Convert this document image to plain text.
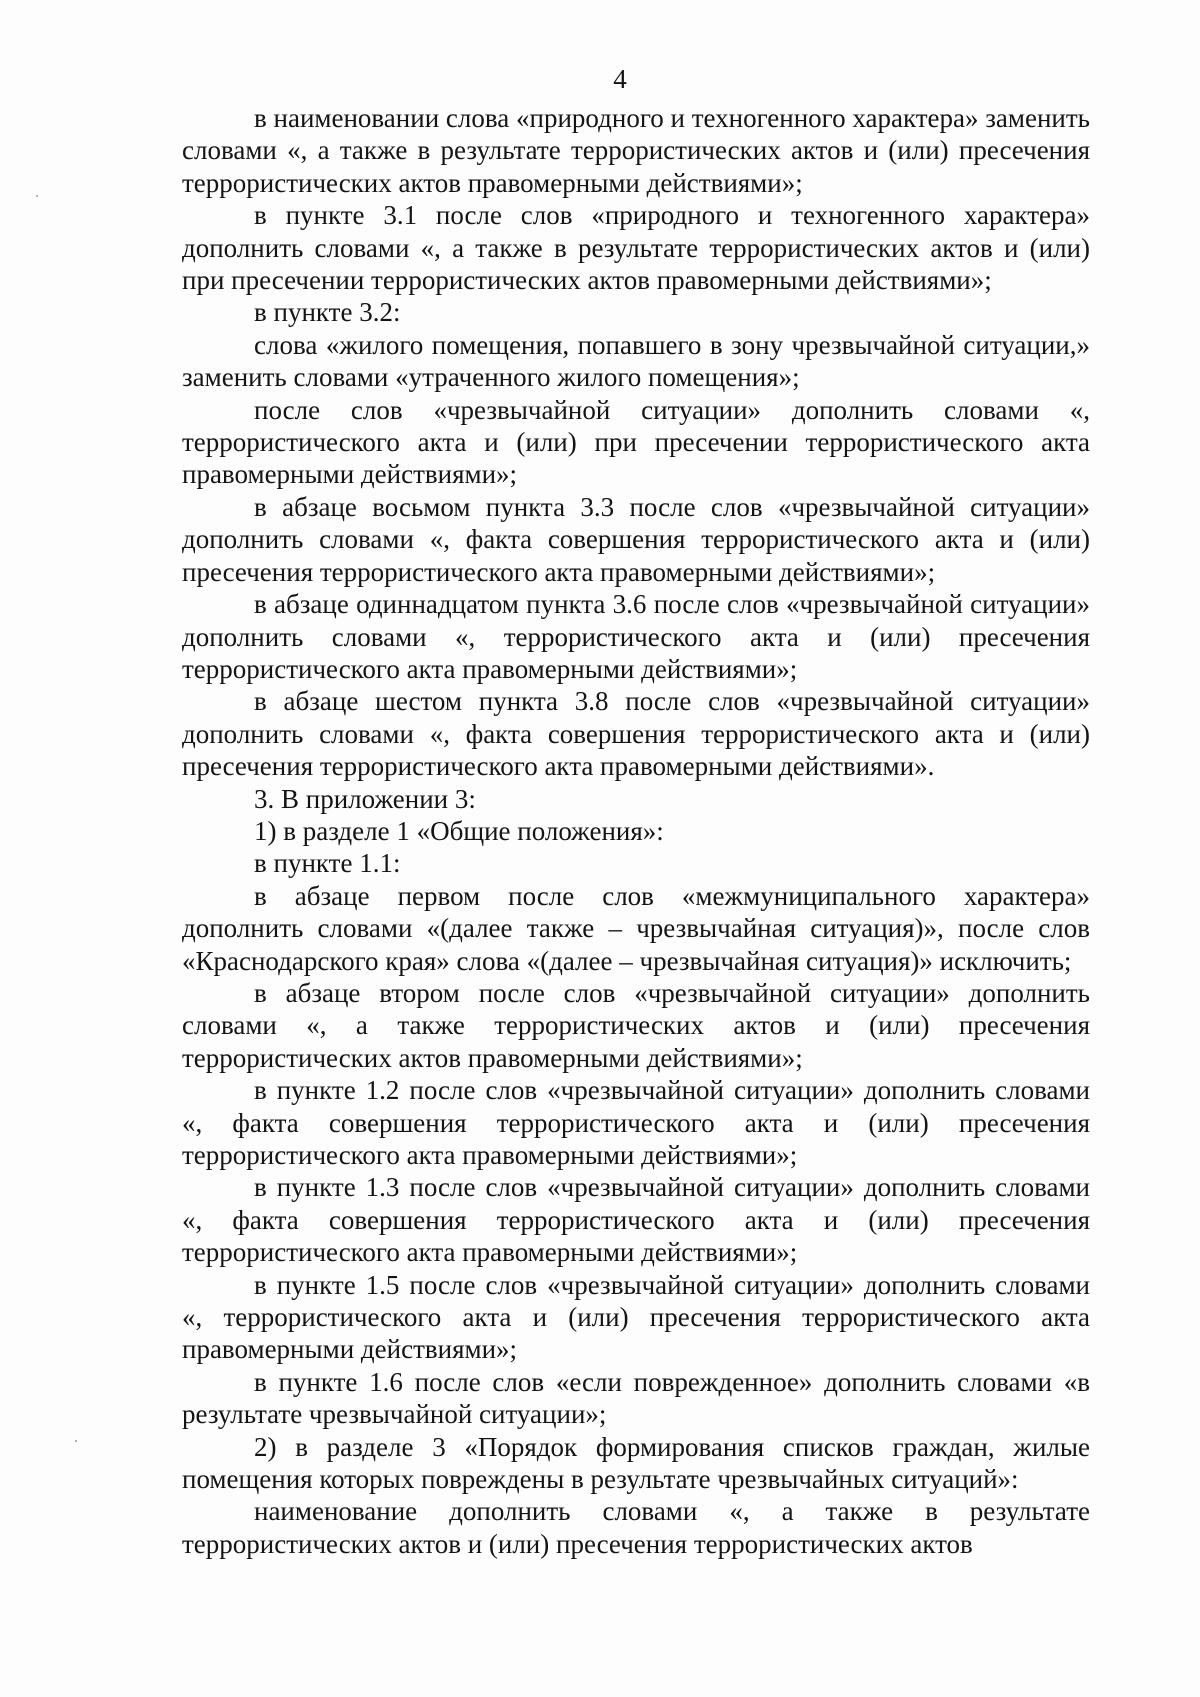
4

в наименовании слова «природного и техногенного характера» заменить словами «, а также в результате террористических актов и (или) пресечения террористических актов правомерными действиями»;

в пункте 3.1 после слов «природного и техногенного характера» дополнить словами «, а также в результате террористических актов и (или) при пресечении террористических актов правомерными действиями»;

в пункте 3.2:

слова «жилого помещения, попавшего в зону чрезвычайной ситуации,» заменить словами «утраченного жилого помещения»;

после слов «чрезвычайной ситуации» дополнить словами «, террористического акта и (или) при пресечении террористического акта правомерными действиями»;

в абзаце восьмом пункта 3.3 после слов «чрезвычайной ситуации» дополнить словами «, факта совершения террористического акта и (или) пресечения террористического акта правомерными действиями»;

в абзаце одиннадцатом пункта 3.6 после слов «чрезвычайной ситуации» дополнить словами «, террористического акта и (или) пресечения террористического акта правомерными действиями»;

в абзаце шестом пункта 3.8 после слов «чрезвычайной ситуации» дополнить словами «, факта совершения террористического акта и (или) пресечения террористического акта правомерными действиями».

3. В приложении 3:

1) в разделе 1 «Общие положения»:

в пункте 1.1:

в абзаце первом после слов «межмуниципального характера» дополнить словами «(далее также – чрезвычайная ситуация)», после слов «Краснодарского края» слова «(далее – чрезвычайная ситуация)» исключить;

в абзаце втором после слов «чрезвычайной ситуации» дополнить словами «, а также террористических актов и (или) пресечения террористических актов правомерными действиями»;

в пункте 1.2 после слов «чрезвычайной ситуации» дополнить словами «, факта совершения террористического акта и (или) пресечения террористического акта правомерными действиями»;

в пункте 1.3 после слов «чрезвычайной ситуации» дополнить словами «, факта совершения террористического акта и (или) пресечения террористического акта правомерными действиями»;

в пункте 1.5 после слов «чрезвычайной ситуации» дополнить словами «, террористического акта и (или) пресечения террористического акта правомерными действиями»;

в пункте 1.6 после слов «если поврежденное» дополнить словами «в результате чрезвычайной ситуации»;

2) в разделе 3 «Порядок формирования списков граждан, жилые помещения которых повреждены в результате чрезвычайных ситуаций»:

наименование дополнить словами «, а также в результате террористических актов и (или) пресечения террористических актов
